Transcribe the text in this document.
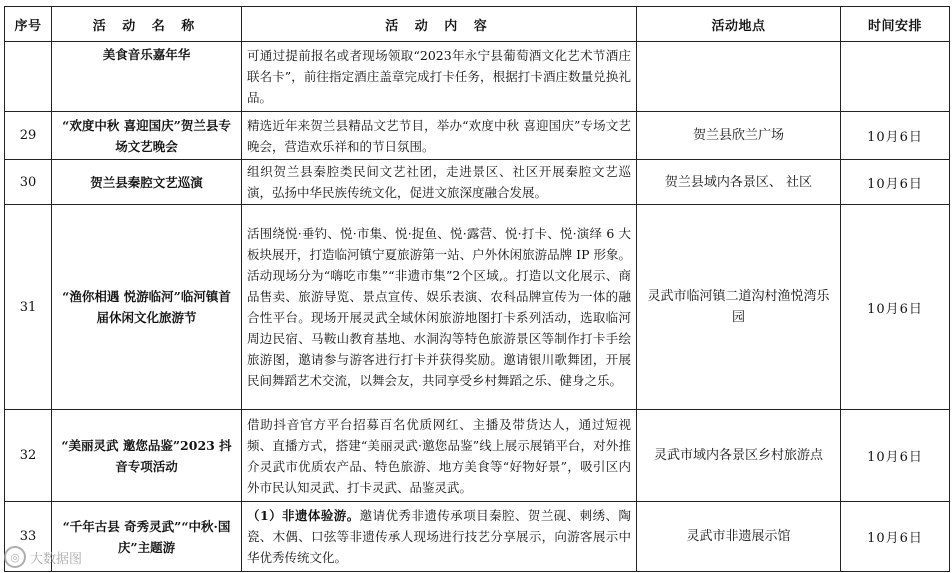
序号	活 动 名 称	活 动 内 容	活动地点	时间安排
	美食音乐嘉年华	可通过提前报名或者现场领取“2023年永宁县葡萄酒文化艺术节酒庄联名卡”，前往指定酒庄盖章完成打卡任务，根据打卡酒庄数量兑换礼品。		
29	“欢度中秋 喜迎国庆”贺兰县专场文艺晚会	精选近年来贺兰县精品文艺节目，举办“欢度中秋 喜迎国庆”专场文艺晚会，营造欢乐祥和的节日氛围。	贺兰县欣兰广场	10月6日
30	贺兰县秦腔文艺巡演	组织贺兰县秦腔类民间文艺社团，走进景区、社区开展秦腔文艺巡演，弘扬中华民族传统文化，促进文旅深度融合发展。	贺兰县域内各景区、 社区	10月6日
31	“渔你相遇 悦游临河”临河镇首届休闲文化旅游节	活围绕悦·垂钓、悦·市集、悦·捉鱼、悦·露营、悦·打卡、悦·演绎 6 大板块展开，打造临河镇宁夏旅游第一站、户外休闲旅游品牌 IP 形象。活动现场分为“嗨吃市集”“非遗市集”2个区域,。打造以文化展示、商品售卖、旅游导览、景点宣传、娱乐表演、农科品牌宣传为一体的融合性平台。现场开展灵武全域休闲旅游地图打卡系列活动，选取临河周边民宿、马鞍山教育基地、水洞沟等特色旅游景区等制作打卡手绘旅游图，邀请参与游客进行打卡并获得奖励。邀请银川歌舞团，开展民间舞蹈艺术交流，以舞会友，共同享受乡村舞蹈之乐、健身之乐。	灵武市临河镇二道沟村渔悦湾乐园	10月6日
32	“美丽灵武 邀您品鉴”2023 抖音专项活动	借助抖音官方平台招募百名优质网红、主播及带货达人，通过短视频、直播方式，搭建“美丽灵武·邀您品鉴”线上展示展销平台，对外推介灵武市优质农产品、特色旅游、地方美食等“好物好景”，吸引区内外市民认知灵武、打卡灵武、品鉴灵武。	灵武市域内各景区乡村旅游点	10月6日
33	“千年古县 奇秀灵武”“中秋·国庆”主题游	（1）非遗体验游。邀请优秀非遗传承项目秦腔、贺兰砚、刺绣、陶瓷、木偶、口弦等非遗传承人现场进行技艺分享展示，向游客展示中华优秀传统文化。	灵武市非遗展示馆	10月6日
◎ 大数据图
